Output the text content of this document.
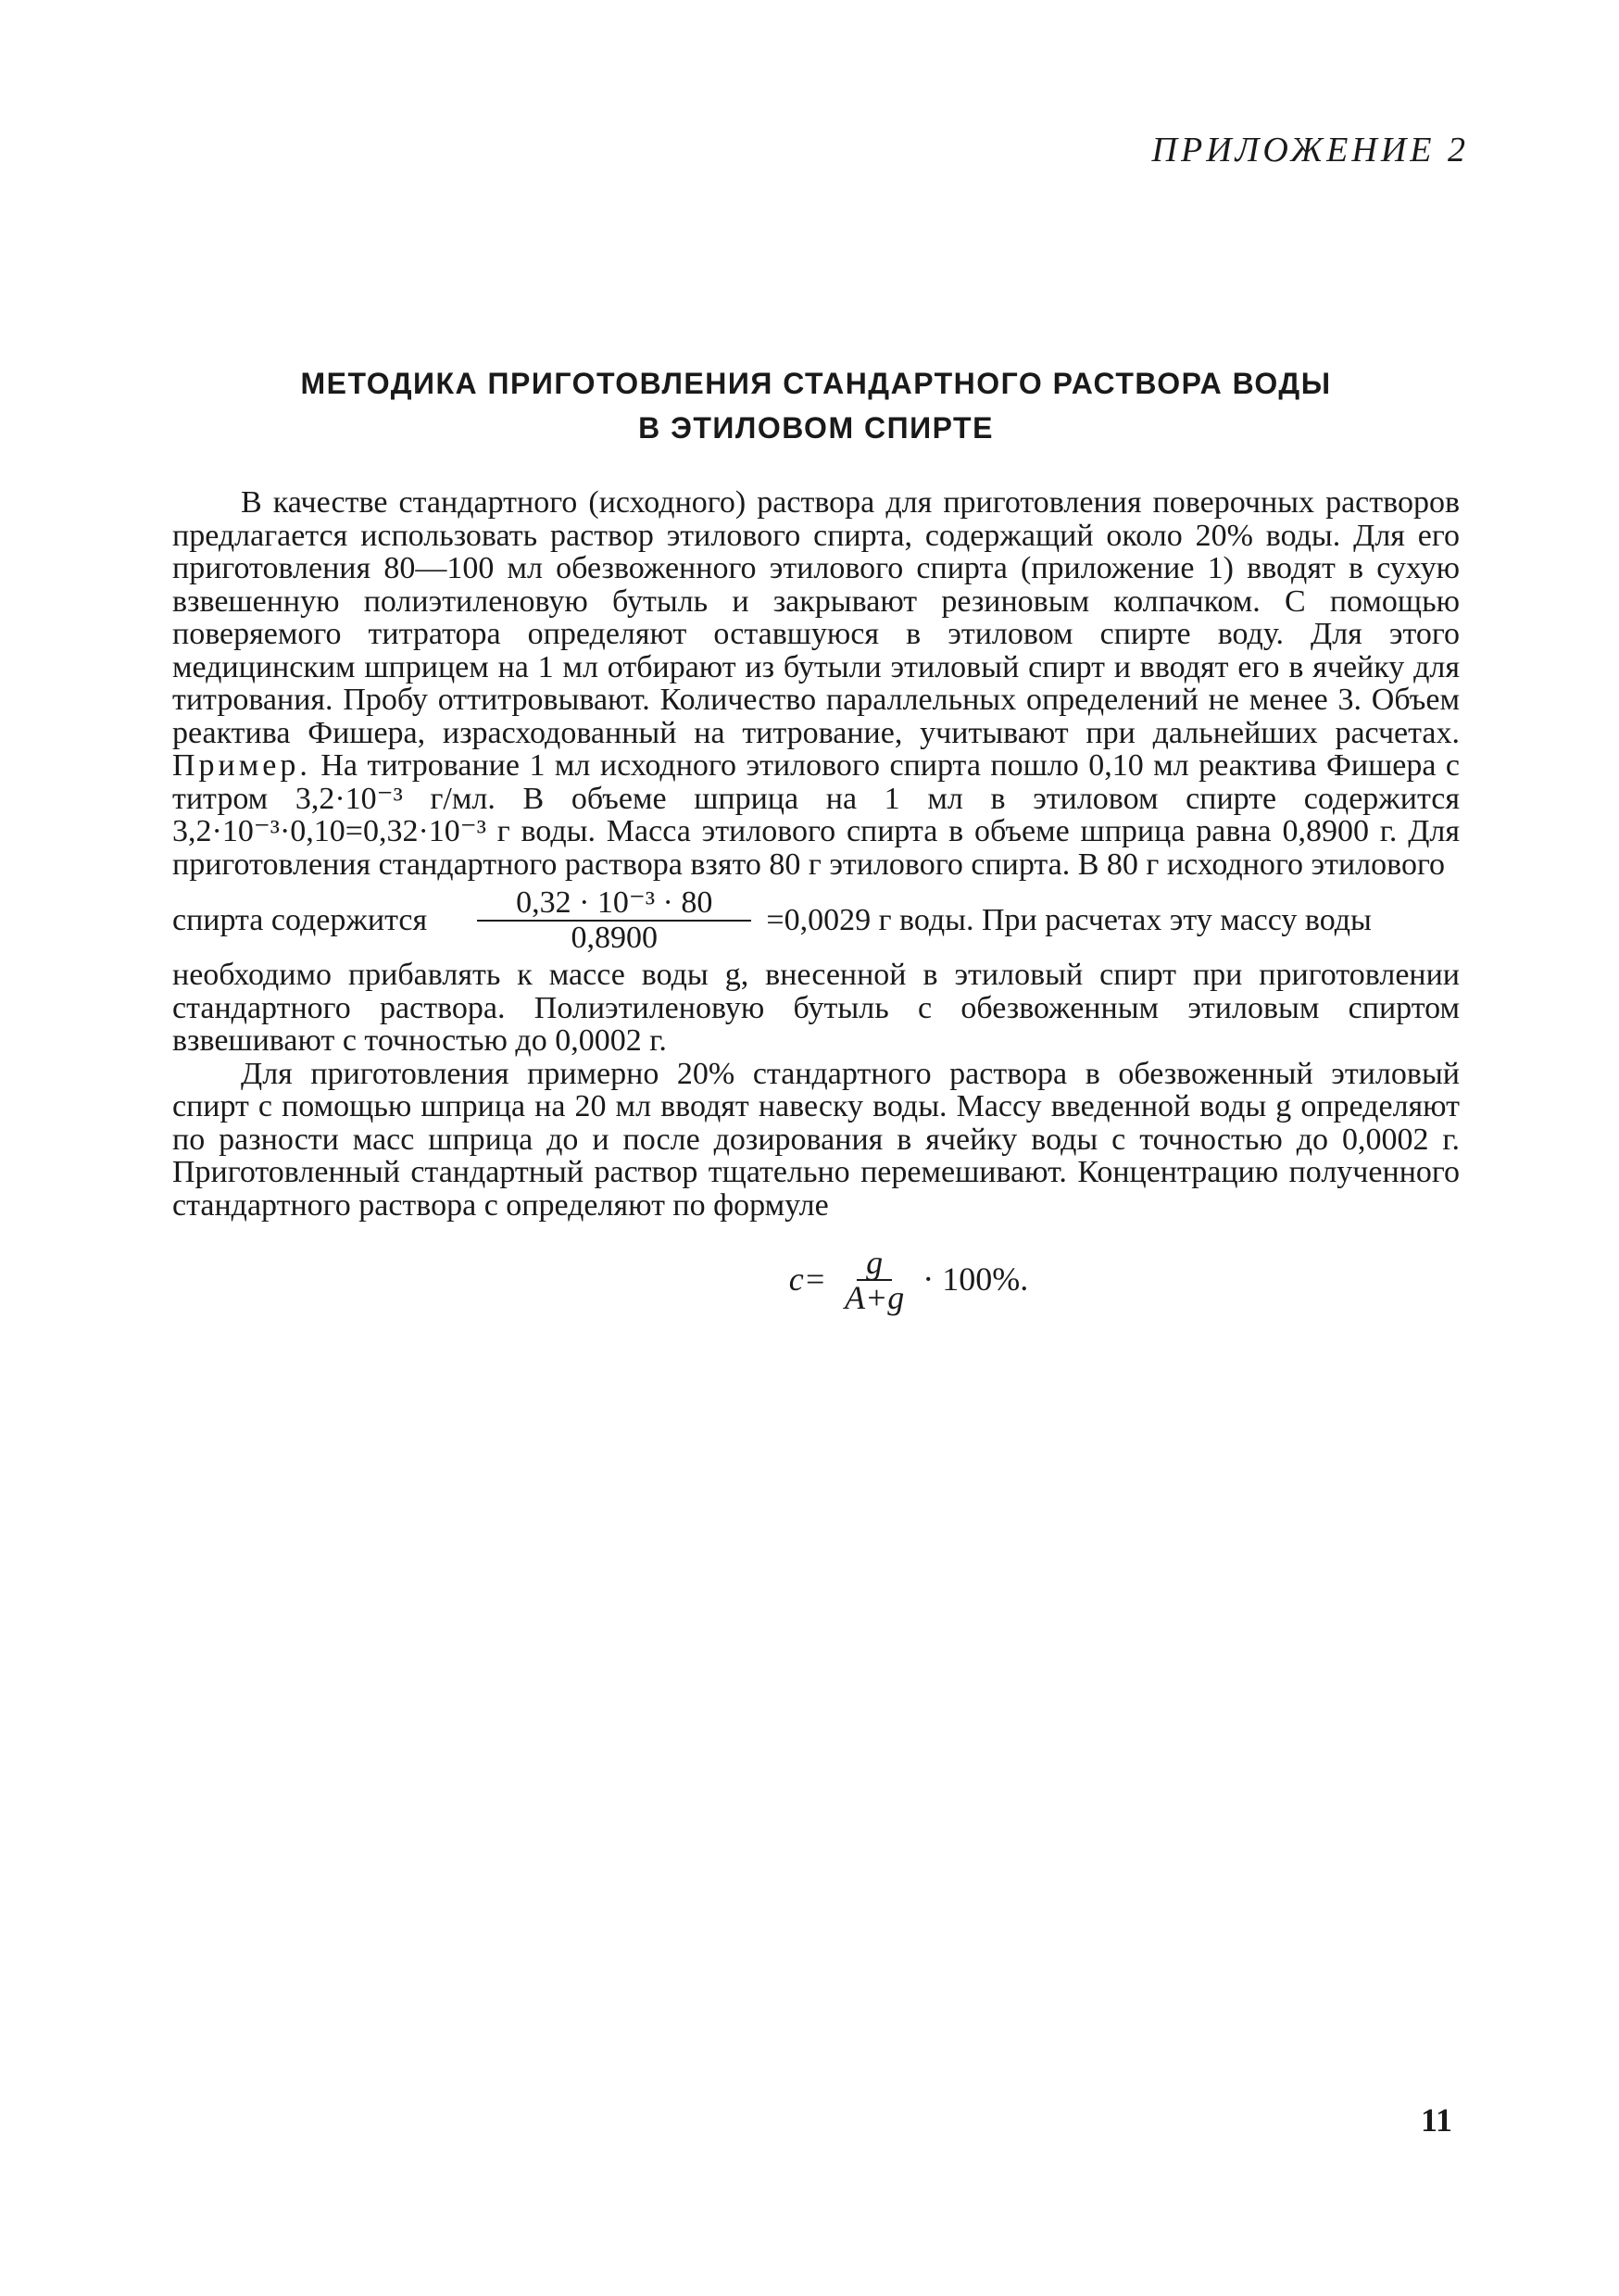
ПРИЛОЖЕНИЕ 2
МЕТОДИКА ПРИГОТОВЛЕНИЯ СТАНДАРТНОГО РАСТВОРА ВОДЫ
В ЭТИЛОВОМ СПИРТЕ

В качестве стандартного (исходного) раствора для приготовления поверочных растворов предлагается использовать раствор этилового спирта, содержащий около 20% воды. Для его приготовления 80—100 мл обезвоженного этилового спирта (приложение 1) вводят в сухую взвешенную полиэтиленовую бутыль и закрывают резиновым колпачком. С помощью поверяемого титратора определяют оставшуюся в этиловом спирте воду. Для этого медицинским шприцем на 1 мл отбирают из бутыли этиловый спирт и вводят его в ячейку для титрования. Пробу оттитровывают. Количество параллельных определений не менее 3. Объем реактива Фишера, израсходованный на титрование, учитывают при дальнейших расчетах. Пример. На титрование 1 мл исходного этилового спирта пошло 0,10 мл реактива Фишера с титром 3,2·10⁻³ г/мл. В объеме шприца на 1 мл в этиловом спирте содержится 3,2·10⁻³·0,10=0,32·10⁻³ г воды. Масса этилового спирта в объеме шприца равна 0,8900 г. Для приготовления стандартного раствора взято 80 г этилового спирта. В 80 г исходного этилового

спирта содержится $\frac{\text{0,32 · 10⁻³ · 80}}{0,8900} =0,0029$ г воды. При расчетах эту массу воды

необходимо прибавлять к массе воды g, внесенной в этиловый спирт при приготовлении стандартного раствора. Полиэтиленовую бутыль с обезвоженным этиловым спиртом взвешивают с точностью до 0,0002 г.

Для приготовления примерно 20% стандартного раствора в обезвоженный этиловый спирт с помощью шприца на 20 мл вводят навеску воды. Массу введенной воды g определяют по разности масс шприца до и после дозирования в ячейку воды с точностью до 0,0002 г. Приготовленный стандартный раствор тщательно перемешивают. Концентрацию полученного стандартного раствора c определяют по формуле

$c= \frac{g}{A+g} \cdot 100\%$.
11
